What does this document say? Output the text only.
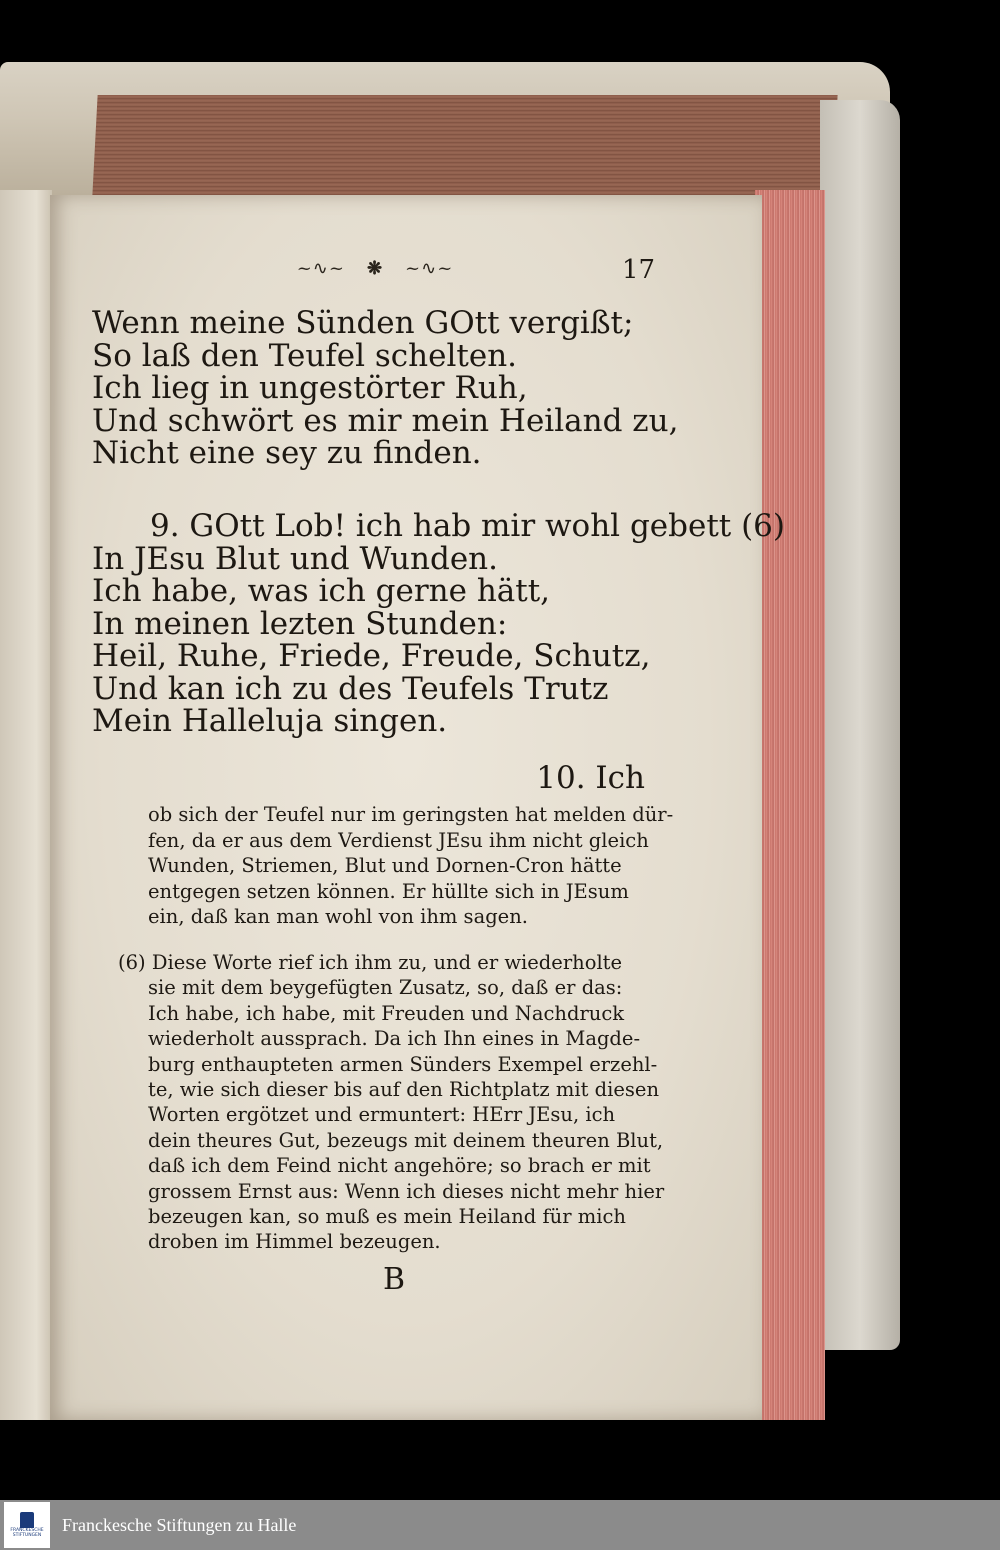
~∿~ ❋ ~∿~	17
Wenn meine Sünden GOtt vergißt;
So laß den Teufel schelten.
Ich lieg in ungestörter Ruh,
Und schwört es mir mein Heiland zu,
Nicht eine sey zu finden.
9. GOtt Lob! ich hab mir wohl gebett (6)
In JEsu Blut und Wunden.
Ich habe, was ich gerne hätt,
In meinen lezten Stunden:
Heil, Ruhe, Friede, Freude, Schutz,
Und kan ich zu des Teufels Trutz
Mein Halleluja singen.
10. Ich
ob sich der Teufel nur im geringsten hat melden dür-
fen, da er aus dem Verdienst JEsu ihm nicht gleich
Wunden, Striemen, Blut und Dornen-Cron hätte
entgegen setzen können. Er hüllte sich in JEsum
ein, daß kan man wohl von ihm sagen.
(6) Diese Worte rief ich ihm zu, und er wiederholte
sie mit dem beygefügten Zusatz, so, daß er das:
Ich habe, ich habe, mit Freuden und Nachdruck
wiederholt aussprach. Da ich Ihn eines in Magde-
burg enthaupteten armen Sünders Exempel erzehl-
te, wie sich dieser bis auf den Richtplatz mit diesen
Worten ergötzet und ermuntert: HErr JEsu, ich
dein theures Gut, bezeugs mit deinem theuren Blut,
daß ich dem Feind nicht angehöre; so brach er mit
grossem Ernst aus: Wenn ich dieses nicht mehr hier
bezeugen kan, so muß es mein Heiland für mich
droben im Himmel bezeugen.
B
FRANCKESCHE
STIFTUNGEN
Franckesche Stiftungen zu Halle
